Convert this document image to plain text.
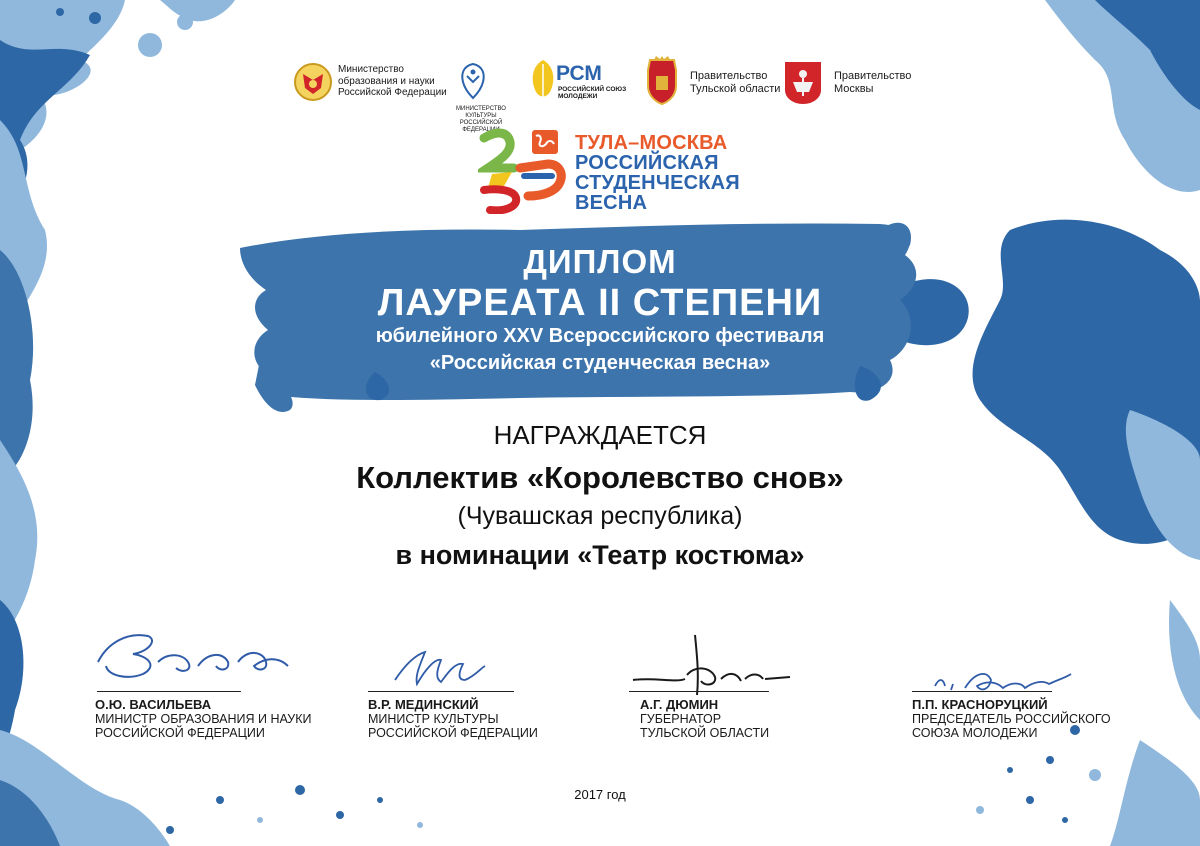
Министерство
образования и науки
Российской Федерации
МИНИСТЕРСТВО КУЛЬТУРЫ
РОССИЙСКОЙ ФЕДЕРАЦИИ
РСМ
РОССИЙСКИЙ СОЮЗ
МОЛОДЕЖИ
Правительство
Тульской области
Правительство
Москвы
ТУЛА–МОСКВА
РОССИЙСКАЯ
СТУДЕНЧЕСКАЯ
ВЕСНА
ДИПЛОМ
ЛАУРЕАТА II СТЕПЕНИ
юбилейного XXV Всероссийского фестиваля
«Российская студенческая весна»
НАГРАЖДАЕТСЯ
Коллектив «Королевство снов»
(Чувашская республика)
в номинации «Театр костюма»
О.Ю. ВАСИЛЬЕВА
МИНИСТР ОБРАЗОВАНИЯ И НАУКИ
РОССИЙСКОЙ ФЕДЕРАЦИИ
В.Р. МЕДИНСКИЙ
МИНИСТР КУЛЬТУРЫ
РОССИЙСКОЙ ФЕДЕРАЦИИ
А.Г. ДЮМИН
ГУБЕРНАТОР
ТУЛЬСКОЙ ОБЛАСТИ
П.П. КРАСНОРУЦКИЙ
ПРЕДСЕДАТЕЛЬ РОССИЙСКОГО
СОЮЗА МОЛОДЕЖИ
2017 год
